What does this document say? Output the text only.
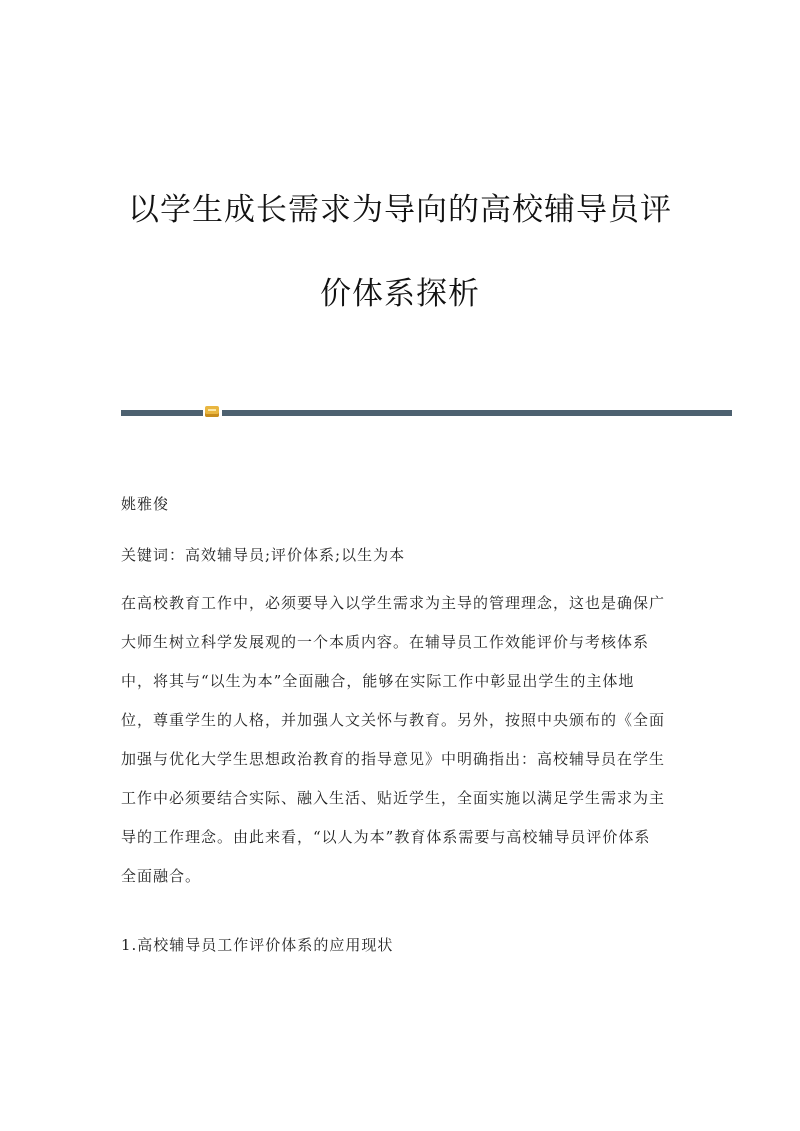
以学生成长需求为导向的高校辅导员评
价体系探析
姚雅俊
关键词：高效辅导员;评价体系;以生为本
在高校教育工作中，必须要导入以学生需求为主导的管理理念，这也是确保广
大师生树立科学发展观的一个本质内容。在辅导员工作效能评价与考核体系
中，将其与“以生为本”全面融合，能够在实际工作中彰显出学生的主体地
位，尊重学生的人格，并加强人文关怀与教育。另外，按照中央颁布的《全面
加强与优化大学生思想政治教育的指导意见》中明确指出：高校辅导员在学生
工作中必须要结合实际、融入生活、贴近学生，全面实施以满足学生需求为主
导的工作理念。由此来看，“以人为本”教育体系需要与高校辅导员评价体系
全面融合。
1.高校辅导员工作评价体系的应用现状
